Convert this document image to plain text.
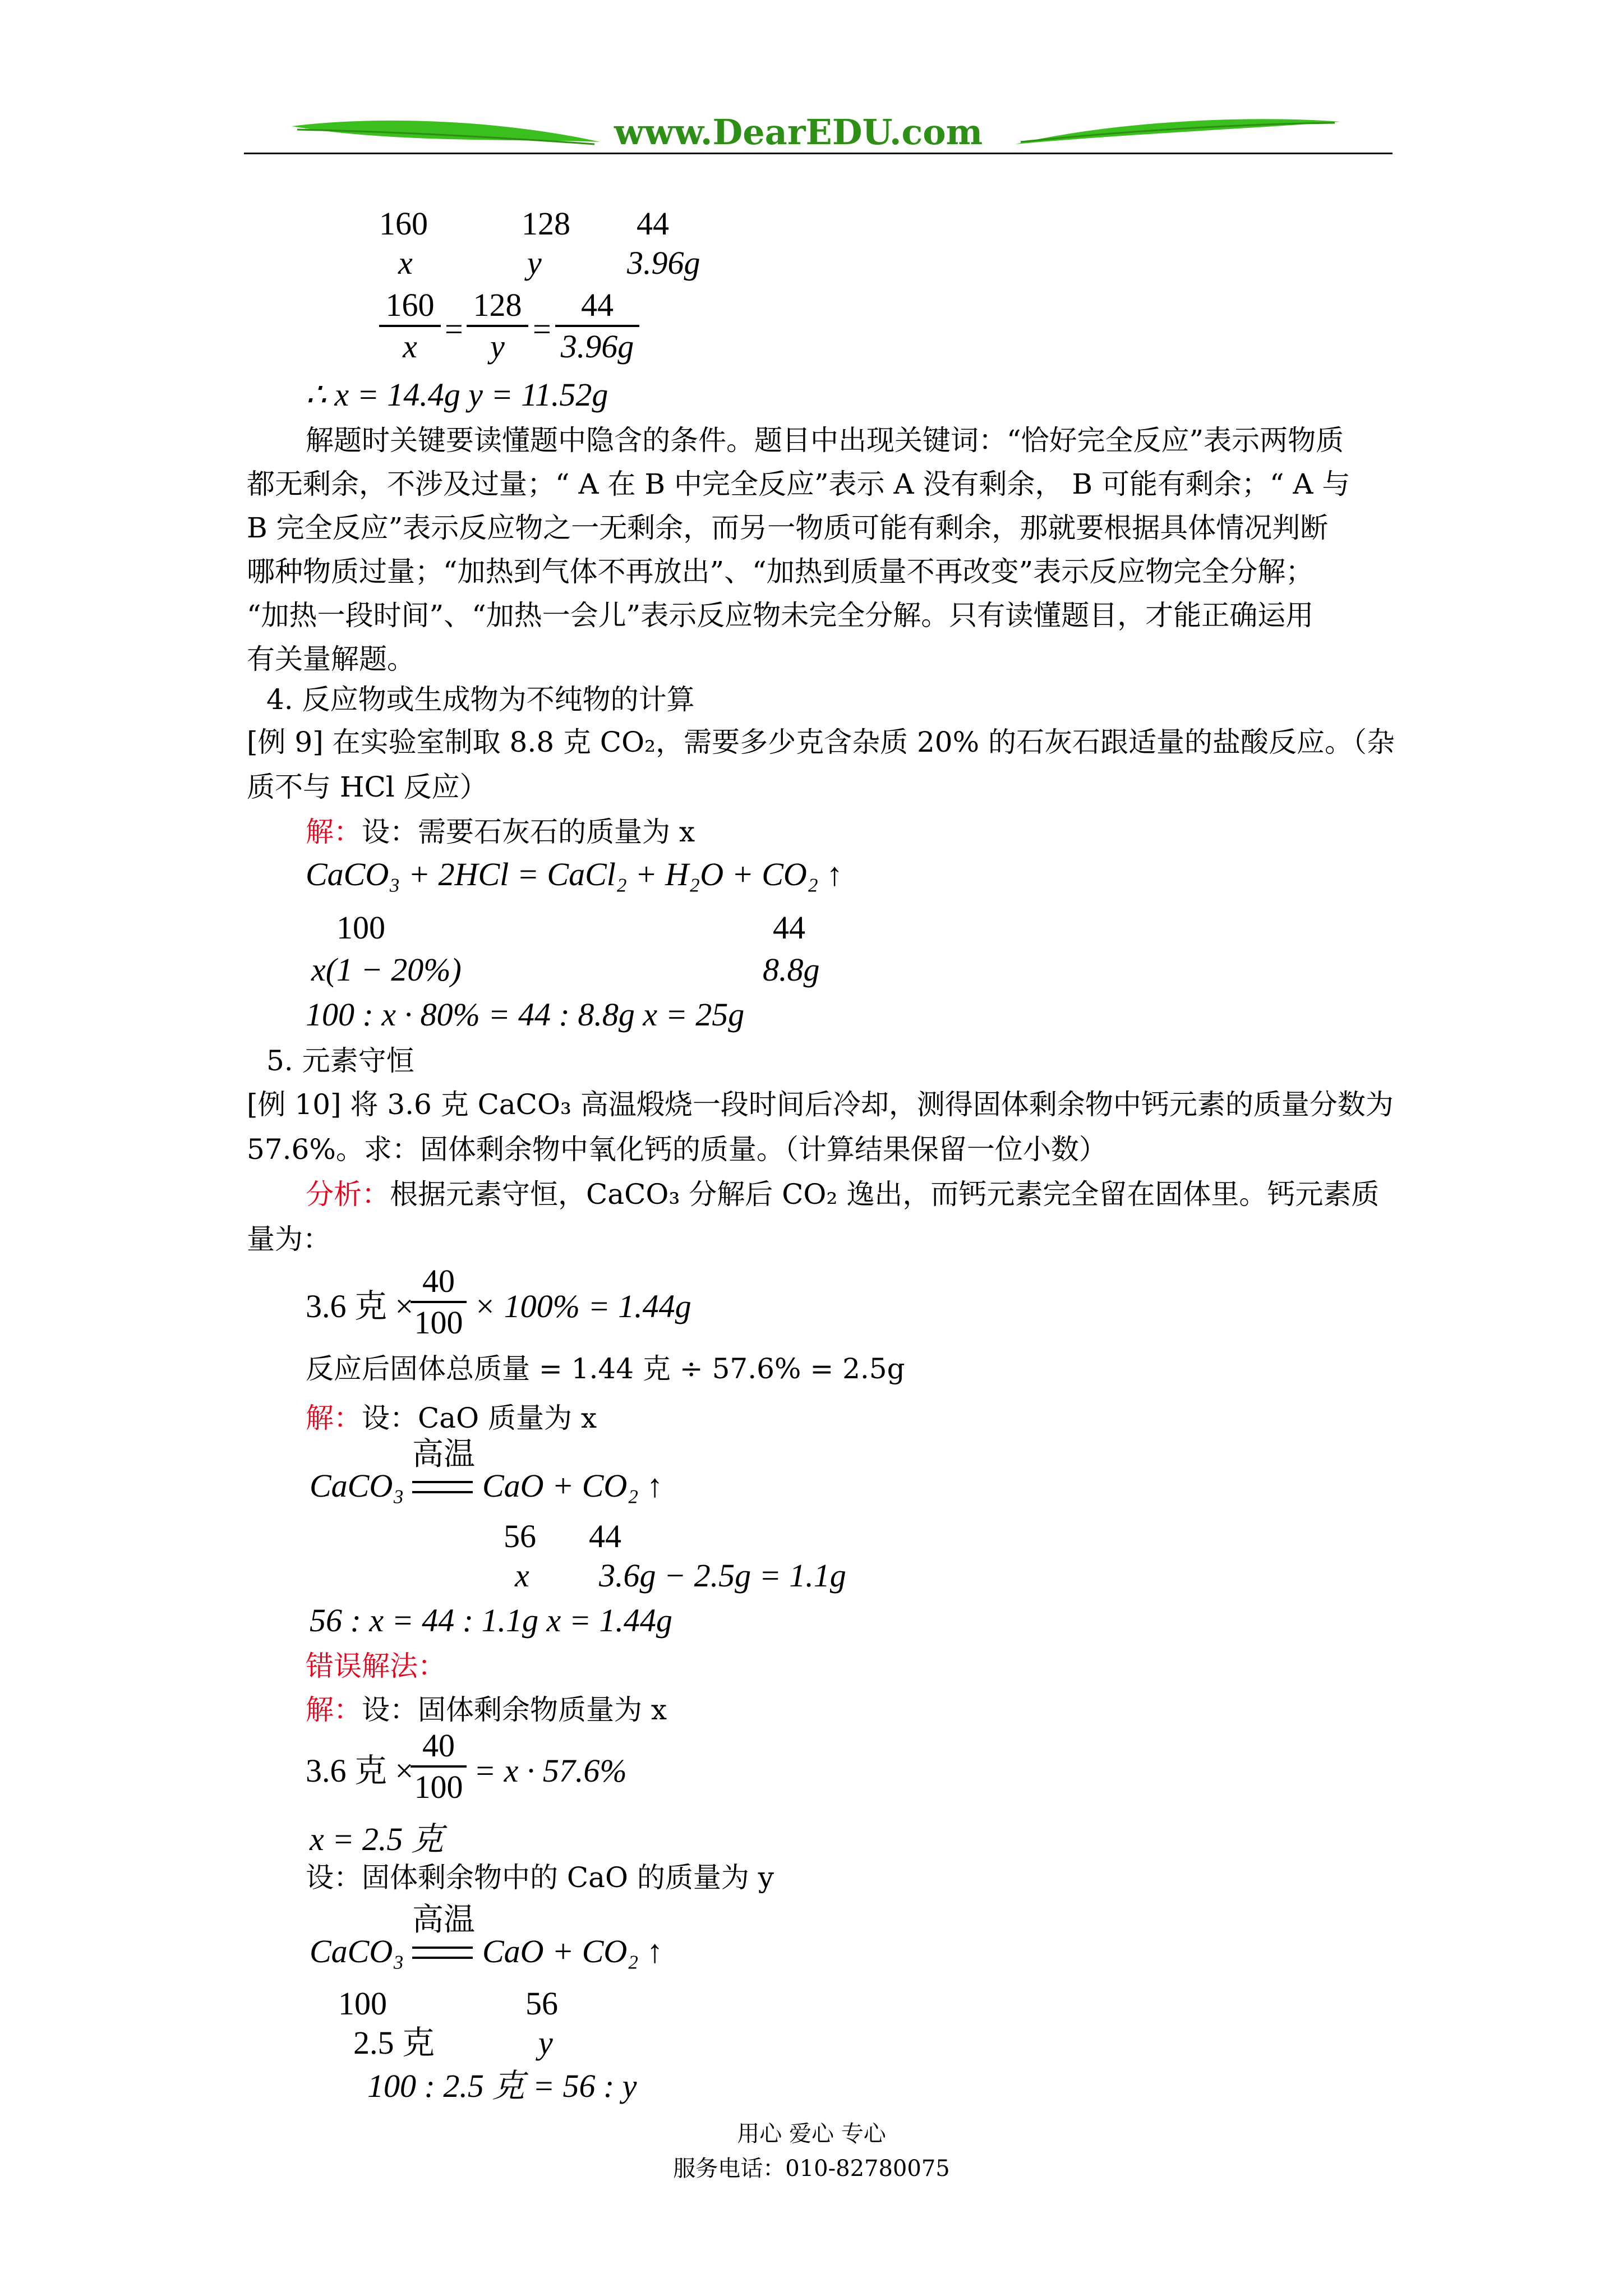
www.DearEDU.com
160	128 44
x	y	3.96g
160
x =
128
y =
44
3.96g
∴ x = 14.4g y = 11.52g
解题时关键要读懂题中隐含的条件。题目中出现关键词：“恰好完全反应”表示两物质
都无剩余，不涉及过量；“ A 在 B 中完全反应”表示 A 没有剩余， B 可能有剩余；“ A 与
B 完全反应”表示反应物之一无剩余，而另一物质可能有剩余，那就要根据具体情况判断
哪种物质过量；“加热到气体不再放出”、“加热到质量不再改变”表示反应物完全分解；
“加热一段时间”、“加热一会儿”表示反应物未完全分解。只有读懂题目，才能正确运用
有关量解题。
4. 反应物或生成物为不纯物的计算
[例 9] 在实验室制取 8.8 克 CO₂，需要多少克含杂质 20% 的石灰石跟适量的盐酸反应。（杂
质不与 HCl 反应）
解：设：需要石灰石的质量为 x
CaCO₃ + 2HCl = CaCl₂ + H₂O + CO₂ ↑
100	44
x(1 − 20%)	8.8g
100 : x · 80% = 44 : 8.8g x = 25g
5. 元素守恒
[例 10] 将 3.6 克 CaCO₃ 高温煅烧一段时间后冷却，测得固体剩余物中钙元素的质量分数为
57.6%。求：固体剩余物中氧化钙的质量。（计算结果保留一位小数）
分析：根据元素守恒，CaCO₃ 分解后 CO₂ 逸出，而钙元素完全留在固体里。钙元素质
量为：
3.6 克 ×
40
100 × 100% = 1.44g
反应后固体总质量 = 1.44 克 ÷ 57.6% = 2.5g
解：设：CaO 质量为 x
高温
CaCO₃ CaO + CO₂ ↑
56 44
x 3.6g − 2.5g = 1.1g
56 : x = 44 : 1.1g x = 1.44g
错误解法：
解：设：固体剩余物质量为 x
3.6 克 ×
40
100 = x · 57.6%
x = 2.5 克
设：固体剩余物中的 CaO 的质量为 y
高温
CaCO₃ CaO + CO₂ ↑
100	56
2.5 克	y
100 : 2.5 克 = 56 : y
用心 爱心 专心
服务电话：010-82780075
